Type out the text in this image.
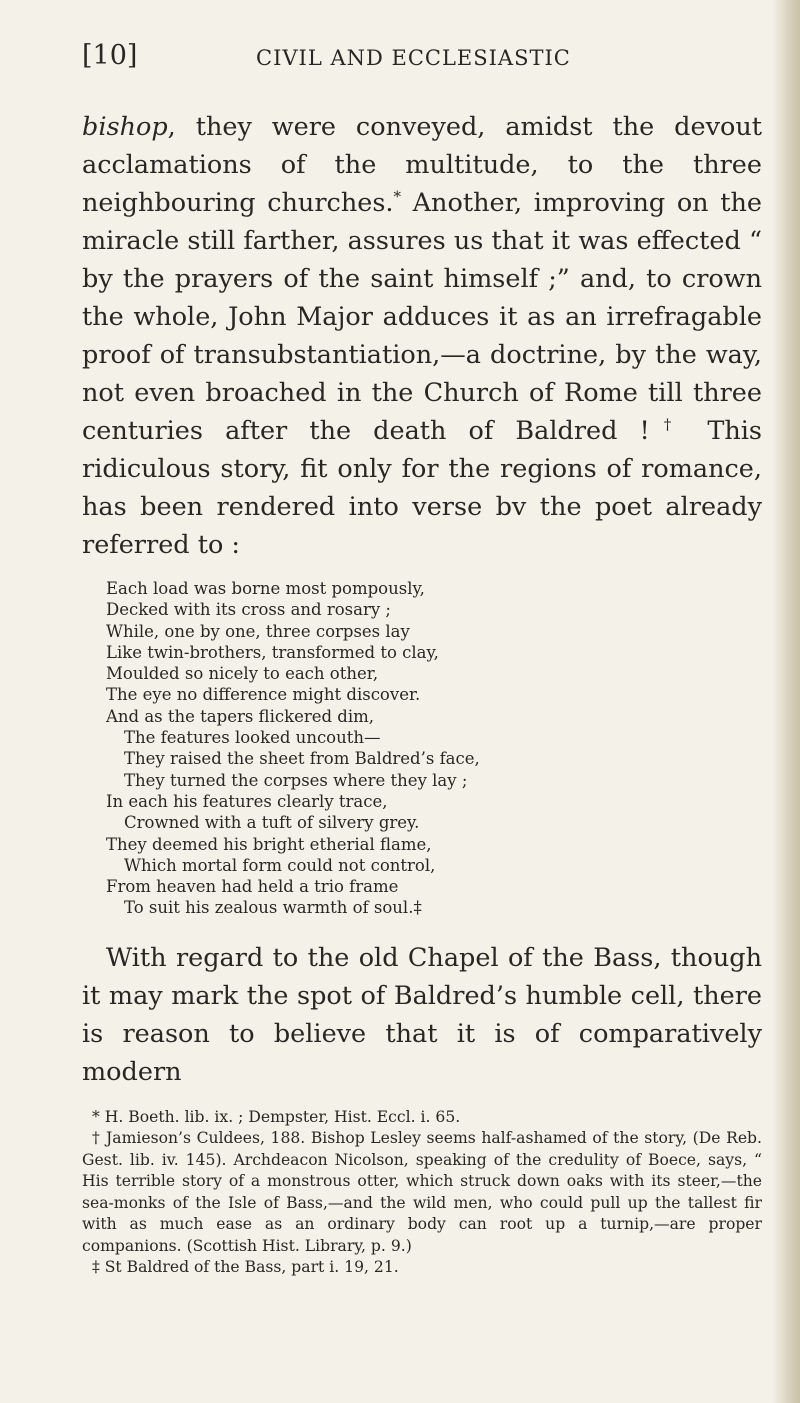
[10]	CIVIL AND ECCLESIASTIC

bishop, they were conveyed, amidst the devout acclamations of the multitude, to the three neighbouring churches.* Another, improving on the miracle still farther, assures us that it was effected “ by the prayers of the saint himself ;” and, to crown the whole, John Major adduces it as an irrefragable proof of transubstantiation,—a doctrine, by the way, not even broached in the Church of Rome till three centuries after the death of Baldred !† This ridiculous story, fit only for the regions of romance, has been rendered into verse bv the poet already referred to :

Each load was borne most pompously,
Decked with its cross and rosary ;
While, one by one, three corpses lay
Like twin-brothers, transformed to clay,
Moulded so nicely to each other,
The eye no difference might discover.
And as the tapers flickered dim,
The features looked uncouth—
They raised the sheet from Baldred’s face,
They turned the corpses where they lay ;
In each his features clearly trace,
Crowned with a tuft of silvery grey.
They deemed his bright etherial flame,
Which mortal form could not control,
From heaven had held a trio frame
To suit his zealous warmth of soul.‡

With regard to the old Chapel of the Bass, though it may mark the spot of Baldred’s humble cell, there is reason to believe that it is of comparatively modern

* H. Boeth. lib. ix. ; Dempster, Hist. Eccl. i. 65.
† Jamieson’s Culdees, 188. Bishop Lesley seems half-ashamed of the story, (De Reb. Gest. lib. iv. 145). Archdeacon Nicolson, speaking of the credulity of Boece, says, “ His terrible story of a monstrous otter, which struck down oaks with its steer,—the sea-monks of the Isle of Bass,—and the wild men, who could pull up the tallest fir with as much ease as an ordinary body can root up a turnip,—are proper companions. (Scottish Hist. Library, p. 9.)
‡ St Baldred of the Bass, part i. 19, 21.
